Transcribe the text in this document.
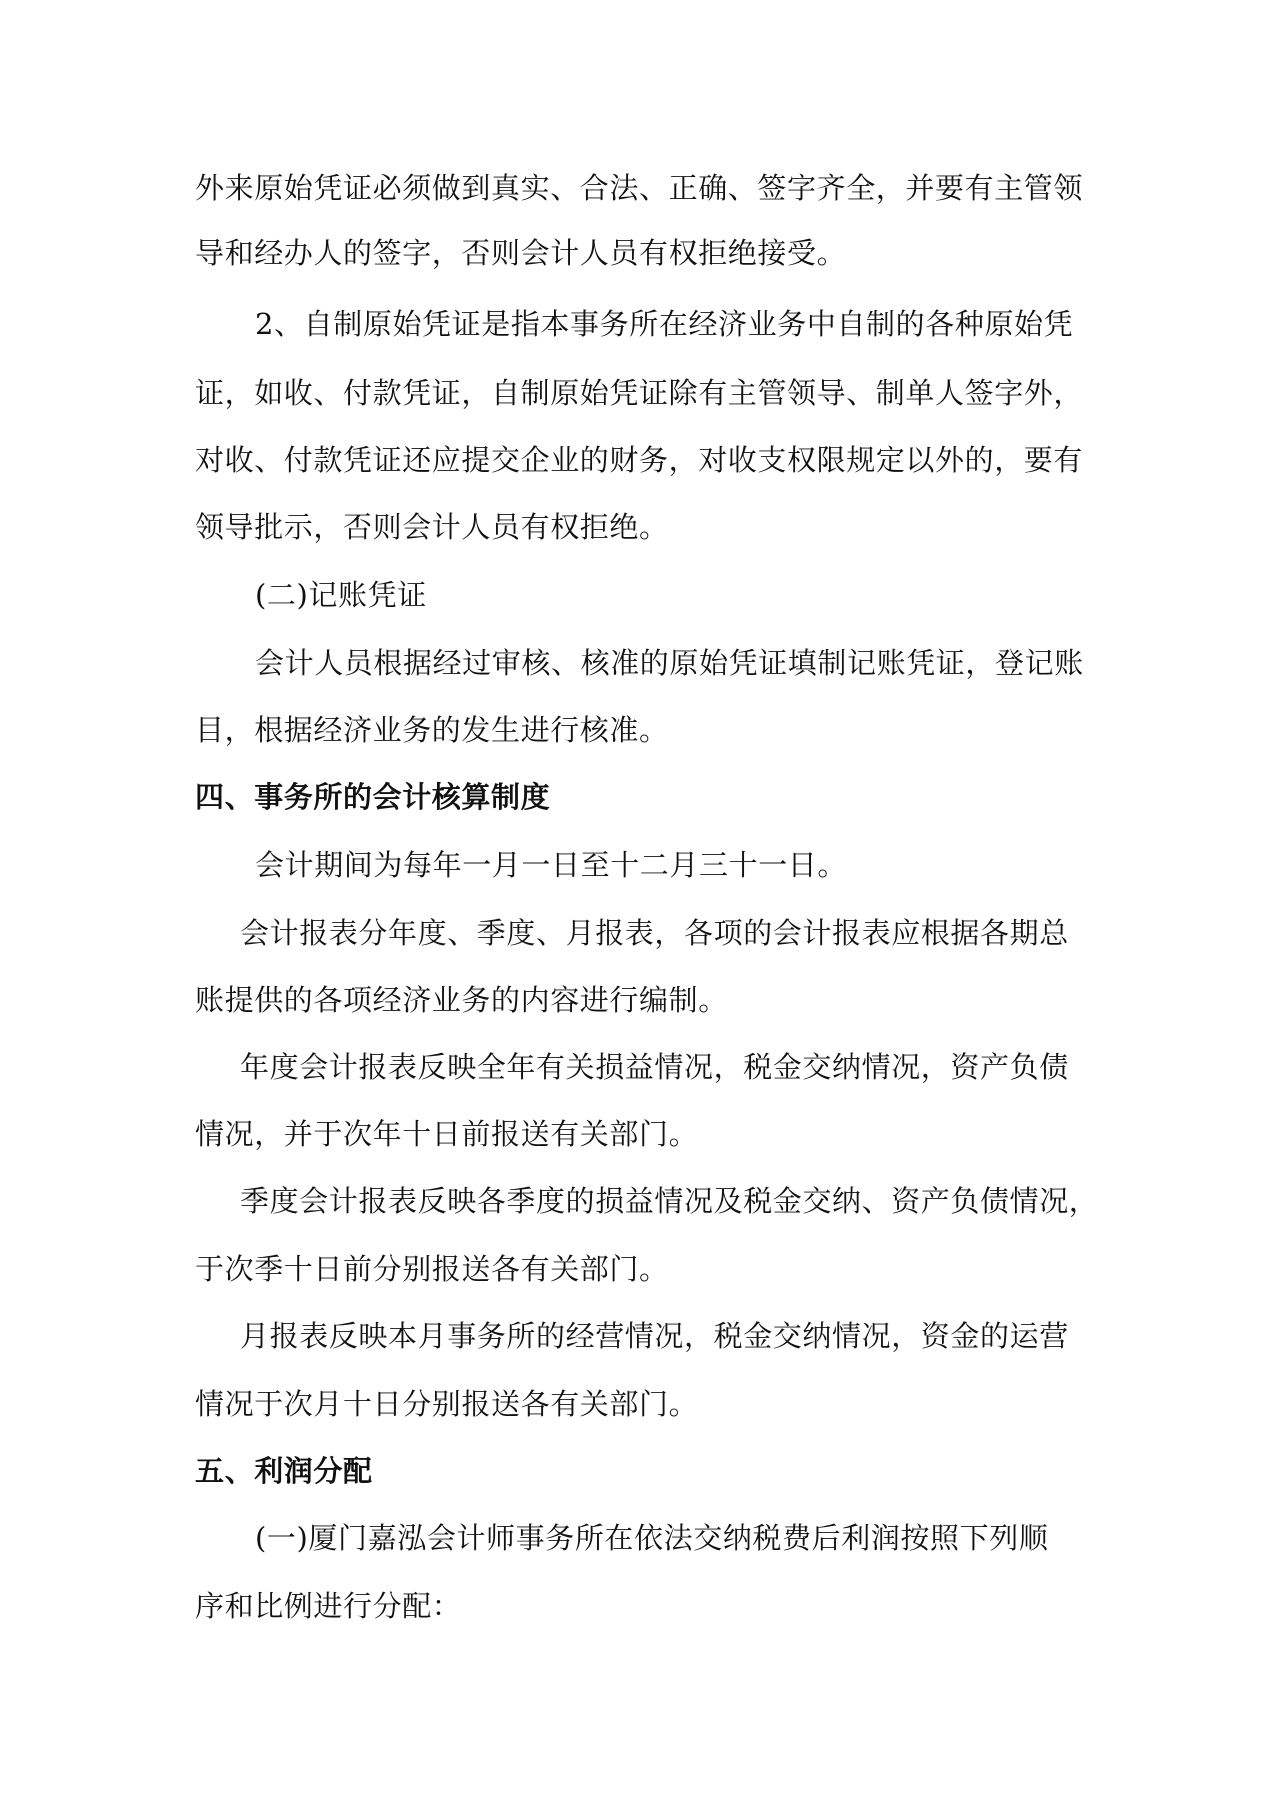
外来原始凭证必须做到真实、合法、正确、签字齐全，并要有主管领
导和经办人的签字，否则会计人员有权拒绝接受。
2、自制原始凭证是指本事务所在经济业务中自制的各种原始凭
证，如收、付款凭证，自制原始凭证除有主管领导、制单人签字外，
对收、付款凭证还应提交企业的财务，对收支权限规定以外的，要有
领导批示，否则会计人员有权拒绝。
(二)记账凭证
会计人员根据经过审核、核准的原始凭证填制记账凭证，登记账
目，根据经济业务的发生进行核准。
四、事务所的会计核算制度
会计期间为每年一月一日至十二月三十一日。
会计报表分年度、季度、月报表，各项的会计报表应根据各期总
账提供的各项经济业务的内容进行编制。
年度会计报表反映全年有关损益情况，税金交纳情况，资产负债
情况，并于次年十日前报送有关部门。
季度会计报表反映各季度的损益情况及税金交纳、资产负债情况，
于次季十日前分别报送各有关部门。
月报表反映本月事务所的经营情况，税金交纳情况，资金的运营
情况于次月十日分别报送各有关部门。
五、利润分配
(一)厦门嘉泓会计师事务所在依法交纳税费后利润按照下列顺
序和比例进行分配：
